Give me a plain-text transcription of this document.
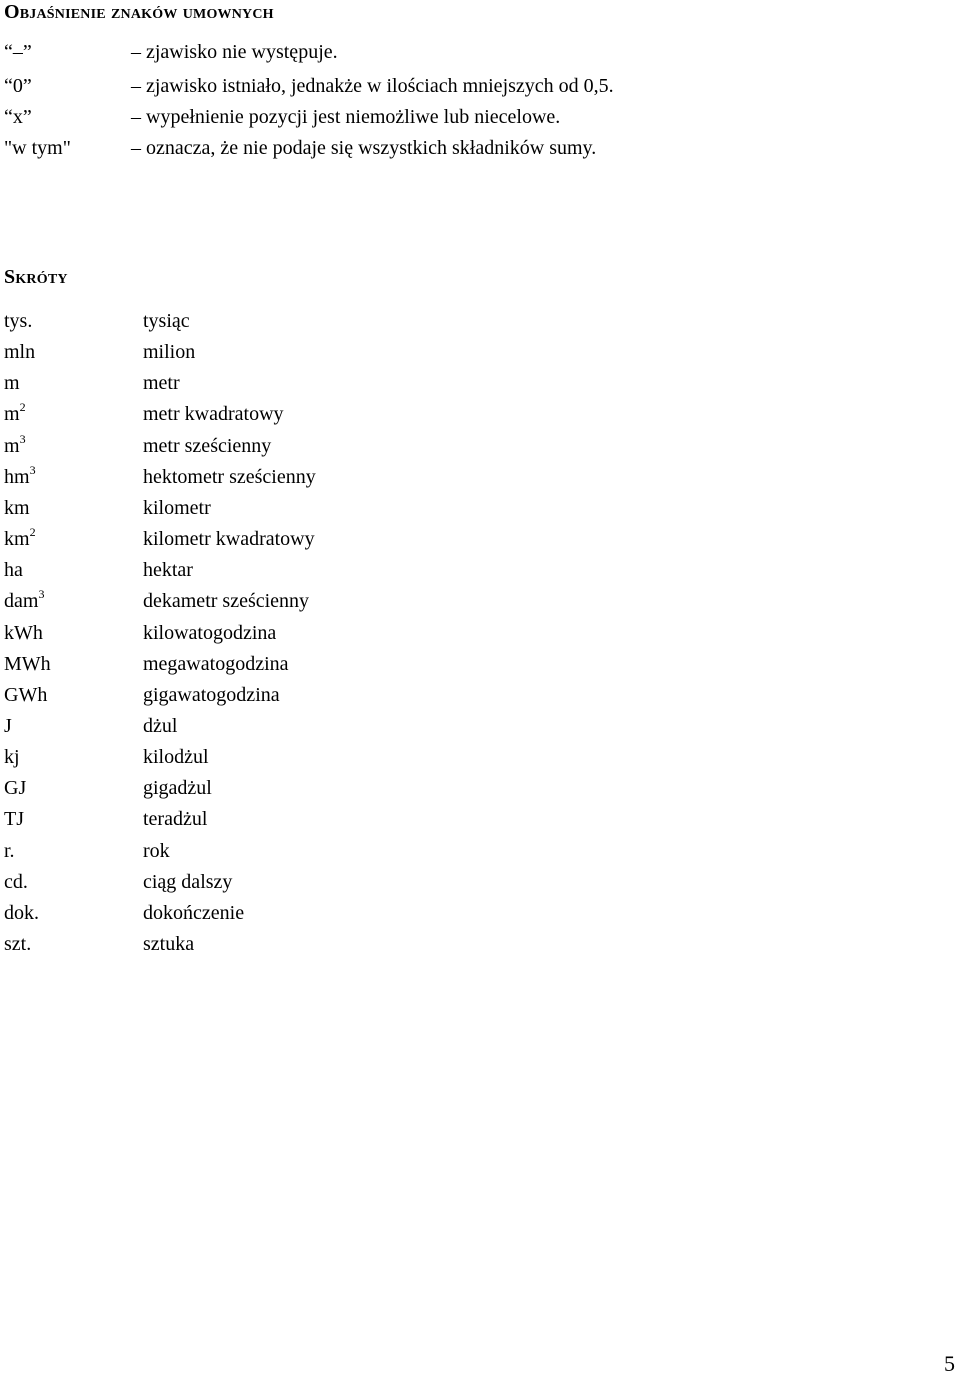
Objaśnienie znaków umownych
“–”	– zjawisko nie występuje.
“0”	– zjawisko istniało, jednakże w ilościach mniejszych od 0,5.
“x”	– wypełnienie pozycji jest niemożliwe lub niecelowe.
"w tym"	– oznacza, że nie podaje się wszystkich składników sumy.
Skróty
tys.	tysiąc
mln	milion
m	metr
$m^2$	metr kwadratowy
$m^3$	metr sześcienny
$hm^3$	hektometr sześcienny
km	kilometr
$km^2$	kilometr kwadratowy
ha	hektar
dam$^3$	dekametr sześcienny
kWh	kilowatogodzina
MWh	megawatogodzina
GWh	gigawatogodzina
J	dżul
kj	kilodżul
GJ	gigadżul
TJ	teradżul
r.	rok
cd.	ciąg dalszy
dok.	dokończenie
szt.	sztuka
5
